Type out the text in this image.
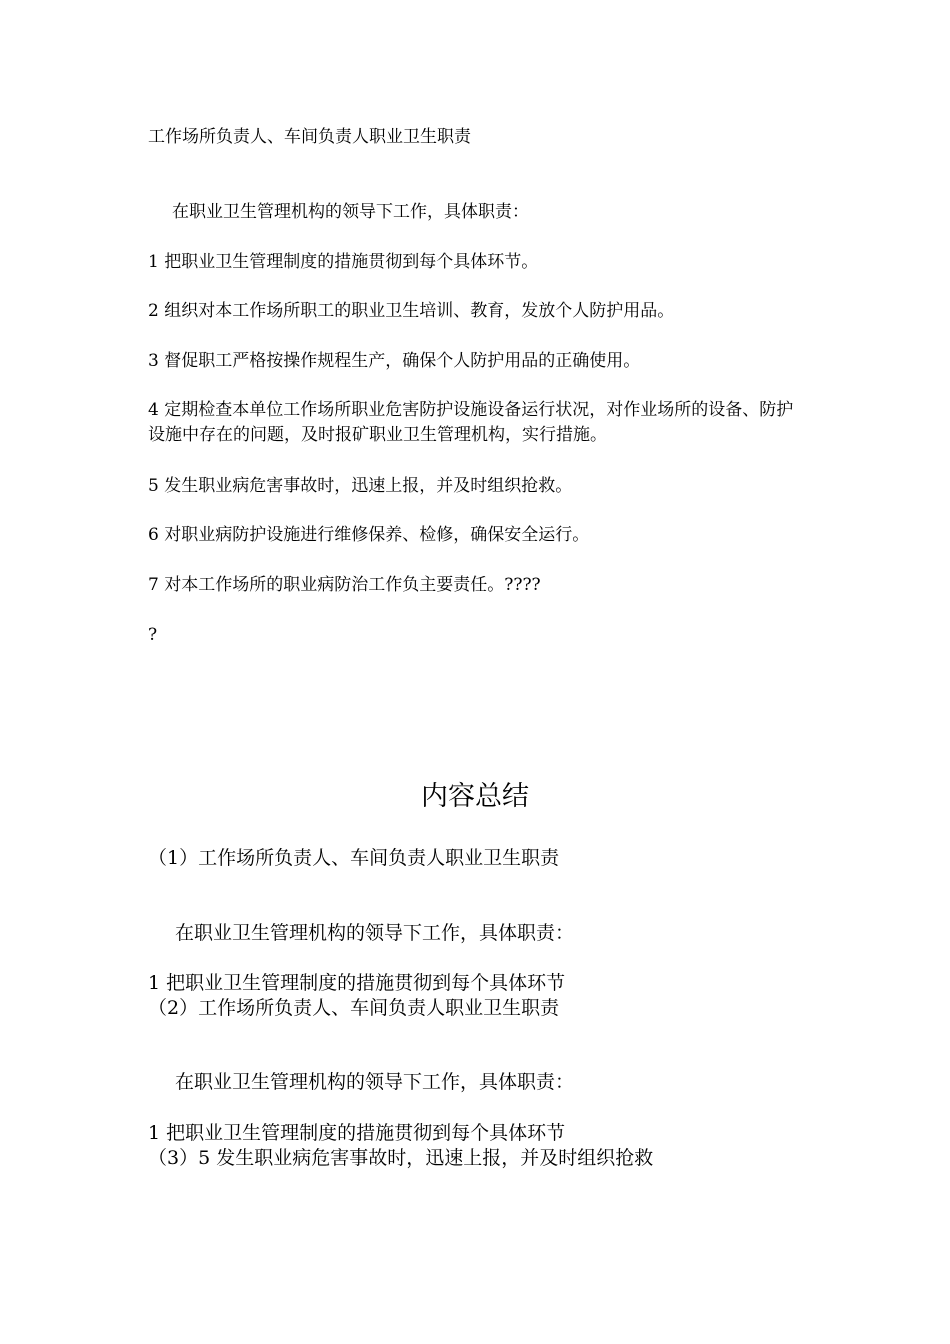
工作场所负责人、车间负责人职业卫生职责
在职业卫生管理机构的领导下工作，具体职责：
1 把职业卫生管理制度的措施贯彻到每个具体环节。
2 组织对本工作场所职工的职业卫生培训、教育，发放个人防护用品。
3 督促职工严格按操作规程生产，确保个人防护用品的正确使用。
4 定期检查本单位工作场所职业危害防护设施设备运行状况，对作业场所的设备、防护设施中存在的问题，及时报矿职业卫生管理机构，实行措施。
5 发生职业病危害事故时，迅速上报，并及时组织抢救。
6 对职业病防护设施进行维修保养、检修，确保安全运行。
7 对本工作场所的职业病防治工作负主要责任。????
?
内容总结
（1）工作场所负责人、车间负责人职业卫生职责
在职业卫生管理机构的领导下工作，具体职责：
1 把职业卫生管理制度的措施贯彻到每个具体环节
（2）工作场所负责人、车间负责人职业卫生职责
在职业卫生管理机构的领导下工作，具体职责：
1 把职业卫生管理制度的措施贯彻到每个具体环节
（3）5 发生职业病危害事故时，迅速上报，并及时组织抢救
